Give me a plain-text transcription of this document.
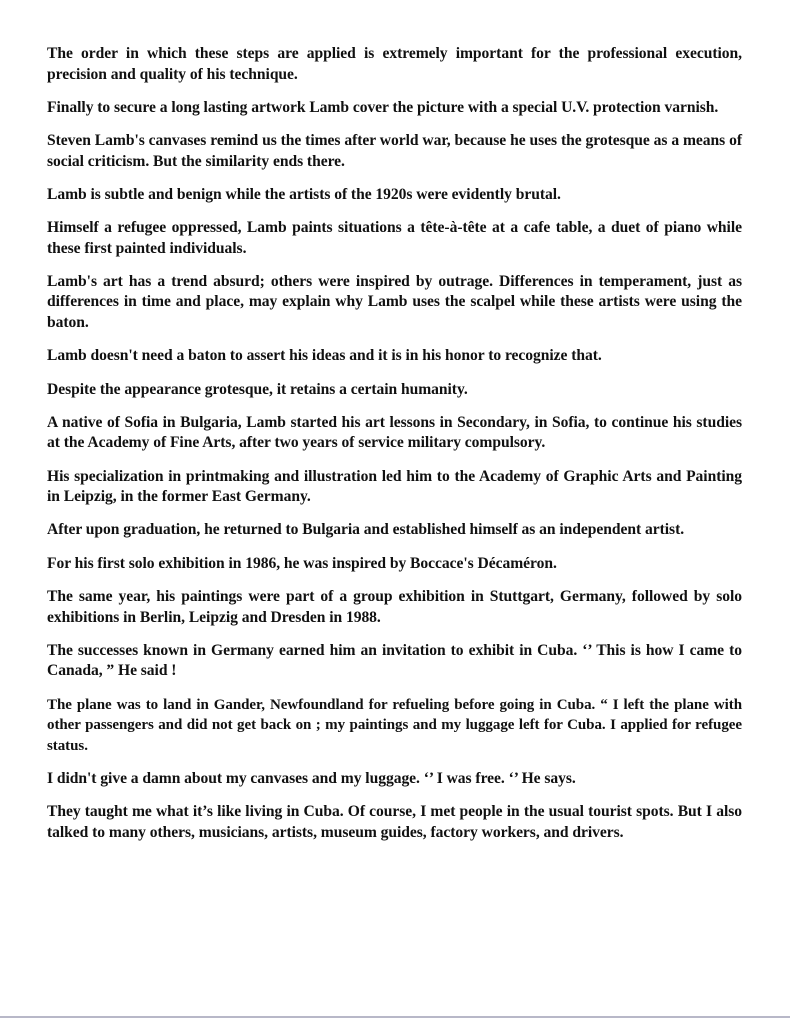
The order in which these steps are applied is extremely important for the professional execution, precision and quality of his technique.

Finally to secure a long lasting artwork Lamb cover the picture with a special U.V. protection varnish.

Steven Lamb's canvases remind us the times after world war, because he uses the grotesque as a means of social criticism. But the similarity ends there.

Lamb is subtle and benign while the artists of the 1920s were evidently brutal.

Himself a refugee oppressed, Lamb paints situations a tête-à-tête at a cafe table, a duet of piano while these first painted individuals.

Lamb's art has a trend absurd; others were inspired by outrage. Differences in temperament, just as differences in time and place, may explain why Lamb uses the scalpel while these artists were using the baton.

Lamb doesn't need a baton to assert his ideas and it is in his honor to recognize that.

Despite the appearance grotesque, it retains a certain humanity.

A native of Sofia in Bulgaria, Lamb started his art lessons in Secondary, in Sofia, to continue his studies at the Academy of Fine Arts, after two years of service military compulsory.

His specialization in printmaking and illustration led him to the Academy of Graphic Arts and Painting in Leipzig, in the former East Germany.

After upon graduation, he returned to Bulgaria and established himself as an independent artist.

For his first solo exhibition in 1986, he was inspired by Boccace's Décaméron.

The same year, his paintings were part of a group exhibition in Stuttgart, Germany, followed by solo exhibitions in Berlin, Leipzig and Dresden in 1988.

The successes known in Germany earned him an invitation to exhibit in Cuba. ‘’ This is how I came to Canada, ” He said !

The plane was to land in Gander, Newfoundland for refueling before going in Cuba. “ I left the plane with other passengers and did not get back on ; my paintings and my luggage left for Cuba. I applied for refugee status.

I didn't give a damn about my canvases and my luggage. ‘’ I was free. ‘’ He says.

They taught me what it’s like living in Cuba. Of course, I met people in the usual tourist spots. But I also talked to many others, musicians, artists, museum guides, factory workers, and drivers.
